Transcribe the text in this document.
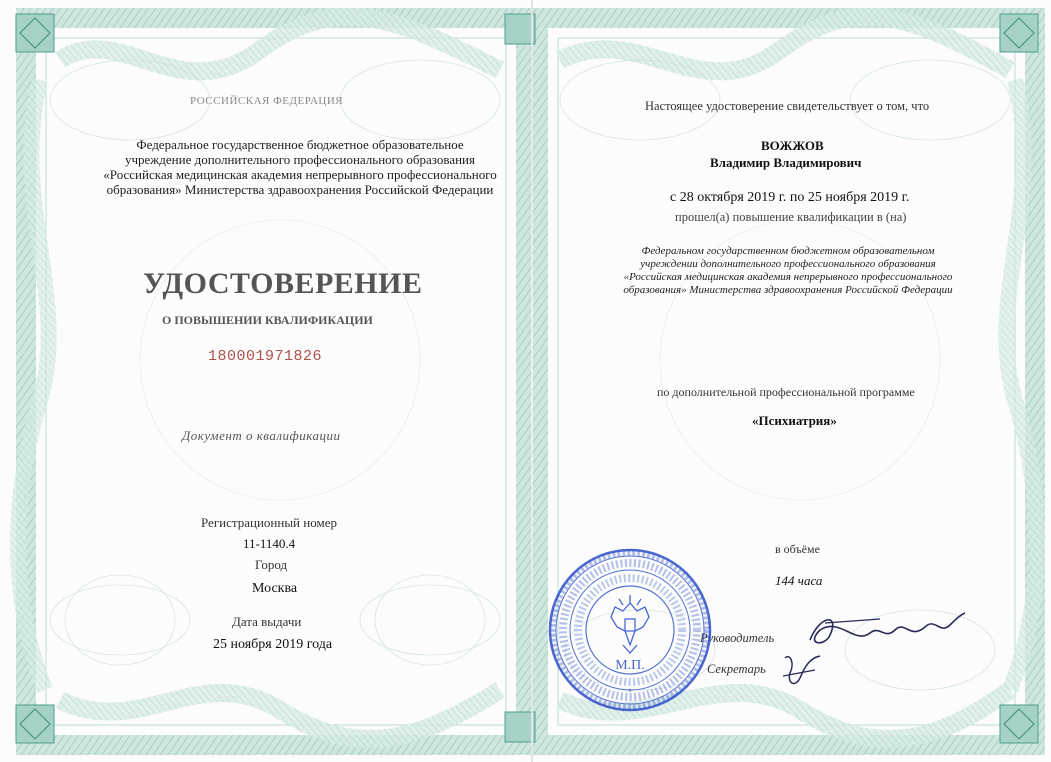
РОССИЙСКАЯ ФЕДЕРАЦИЯ
Федеральное государственное бюджетное образовательное
учреждение дополнительного профессионального образования
«Российская медицинская академия непрерывного профессионального
образования» Министерства здравоохранения Российской Федерации
УДОСТОВЕРЕНИЕ
О ПОВЫШЕНИИ КВАЛИФИКАЦИИ
180001971826
Документ о квалификации
Регистрационный номер
11-1140.4
Город
Москва
Дата выдачи
25 ноября 2019 года
Настоящее удостоверение свидетельствует о том, что
ВОЖЖОВ
Владимир Владимирович
с 28 октября 2019 г. по 25 ноября 2019 г.
прошел(а) повышение квалификации в (на)
Федеральном государственном бюджетном образовательном
учреждении дополнительного профессионального образования
«Российская медицинская академия непрерывного профессионального
образования» Министерства здравоохранения Российской Федерации
по дополнительной профессиональной программе
«Психиатрия»
в объёме
144 часа
Руководитель
Секретарь
М.П.
*
